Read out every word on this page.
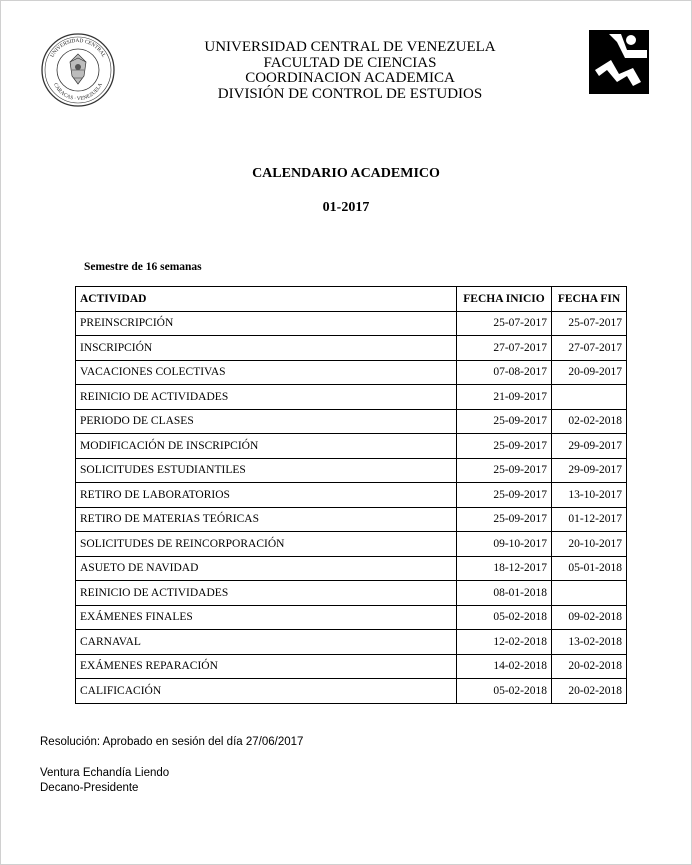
UNIVERSIDAD CENTRAL
CARACAS · VENEZUELA
UNIVERSIDAD CENTRAL DE VENEZUELA
FACULTAD DE CIENCIAS
COORDINACION ACADEMICA
DIVISIÓN DE CONTROL DE ESTUDIOS
CALENDARIO ACADEMICO
01-2017
Semestre de 16 semanas
ACTIVIDAD	FECHA INICIO	FECHA FIN
PREINSCRIPCIÓN	25-07-2017	25-07-2017
INSCRIPCIÓN	27-07-2017	27-07-2017
VACACIONES COLECTIVAS	07-08-2017	20-09-2017
REINICIO DE ACTIVIDADES	21-09-2017	
PERIODO DE CLASES	25-09-2017	02-02-2018
MODIFICACIÓN DE INSCRIPCIÓN	25-09-2017	29-09-2017
SOLICITUDES ESTUDIANTILES	25-09-2017	29-09-2017
RETIRO DE LABORATORIOS	25-09-2017	13-10-2017
RETIRO DE MATERIAS TEÓRICAS	25-09-2017	01-12-2017
SOLICITUDES DE REINCORPORACIÓN	09-10-2017	20-10-2017
ASUETO DE NAVIDAD	18-12-2017	05-01-2018
REINICIO DE ACTIVIDADES	08-01-2018	
EXÁMENES FINALES	05-02-2018	09-02-2018
CARNAVAL	12-02-2018	13-02-2018
EXÁMENES REPARACIÓN	14-02-2018	20-02-2018
CALIFICACIÓN	05-02-2018	20-02-2018
Resolución: Aprobado en sesión del día 27/06/2017
Ventura Echandía Liendo
Decano-Presidente
